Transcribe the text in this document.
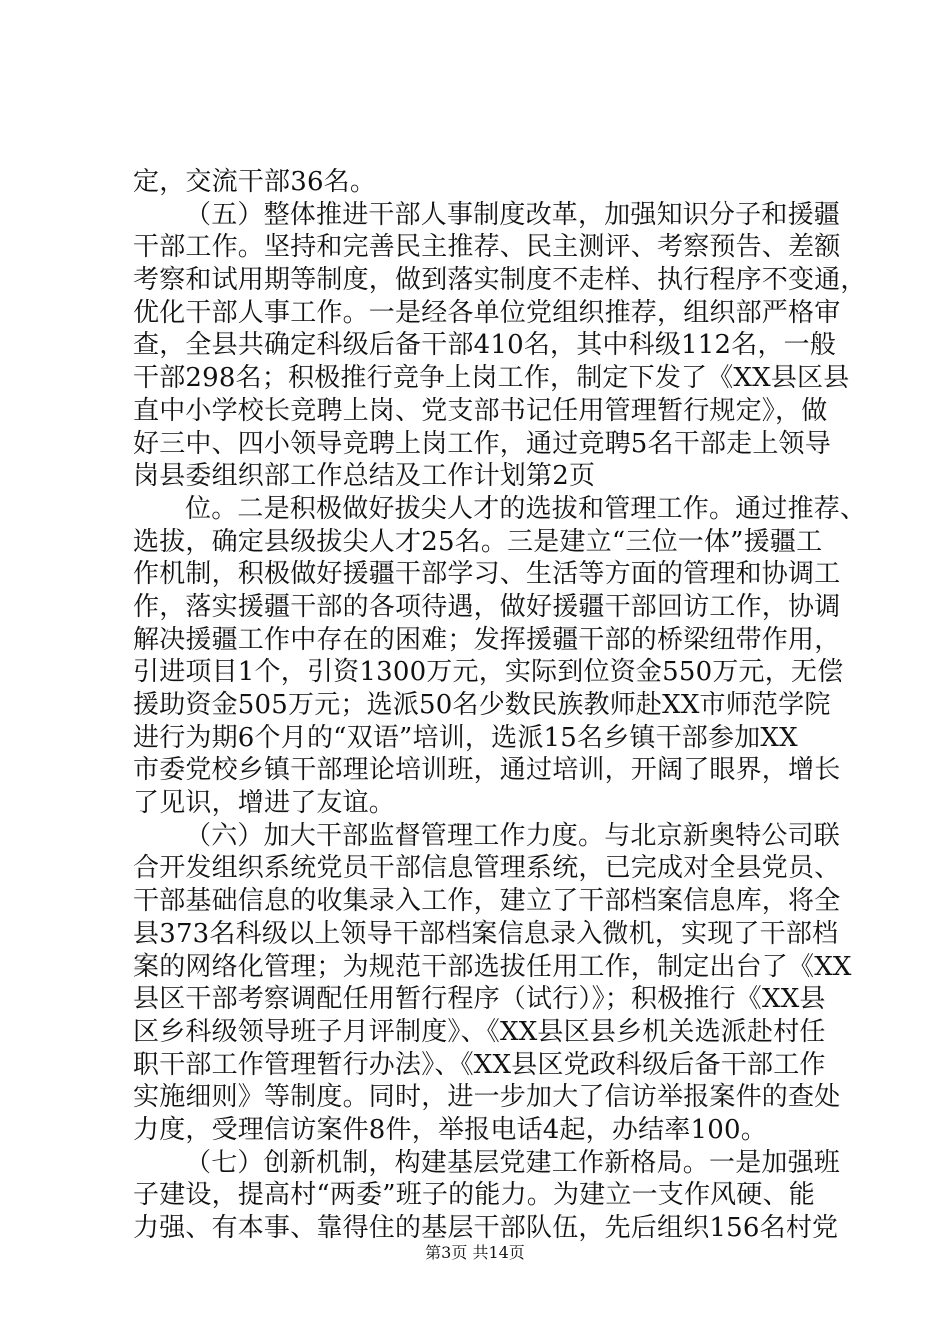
定，交流干部36名。
（五）整体推进干部人事制度改革，加强知识分子和援疆
干部工作。坚持和完善民主推荐、民主测评、考察预告、差额
考察和试用期等制度，做到落实制度不走样、执行程序不变通，
优化干部人事工作。一是经各单位党组织推荐，组织部严格审
查，全县共确定科级后备干部410名，其中科级112名，一般
干部298名；积极推行竞争上岗工作，制定下发了《XX县区县
直中小学校长竞聘上岗、党支部书记任用管理暂行规定》，做
好三中、四小领导竞聘上岗工作，通过竞聘5名干部走上领导
岗县委组织部工作总结及工作计划第2页
位。二是积极做好拔尖人才的选拔和管理工作。通过推荐、
选拔，确定县级拔尖人才25名。三是建立“三位一体”援疆工
作机制，积极做好援疆干部学习、生活等方面的管理和协调工
作，落实援疆干部的各项待遇，做好援疆干部回访工作，协调
解决援疆工作中存在的困难；发挥援疆干部的桥梁纽带作用，
引进项目1个，引资1300万元，实际到位资金550万元，无偿
援助资金505万元；选派50名少数民族教师赴XX市师范学院
进行为期6个月的“双语”培训，选派15名乡镇干部参加XX
市委党校乡镇干部理论培训班，通过培训，开阔了眼界，增长
了见识，增进了友谊。
（六）加大干部监督管理工作力度。与北京新奥特公司联
合开发组织系统党员干部信息管理系统，已完成对全县党员、
干部基础信息的收集录入工作，建立了干部档案信息库，将全
县373名科级以上领导干部档案信息录入微机，实现了干部档
案的网络化管理；为规范干部选拔任用工作，制定出台了《XX
县区干部考察调配任用暂行程序（试行）》；积极推行《XX县
区乡科级领导班子月评制度》、《XX县区县乡机关选派赴村任
职干部工作管理暂行办法》、《XX县区党政科级后备干部工作
实施细则》等制度。同时，进一步加大了信访举报案件的查处
力度，受理信访案件8件，举报电话4起，办结率100。
（七）创新机制，构建基层党建工作新格局。一是加强班
子建设，提高村“两委”班子的能力。为建立一支作风硬、能
力强、有本事、靠得住的基层干部队伍，先后组织156名村党
第3页 共14页
